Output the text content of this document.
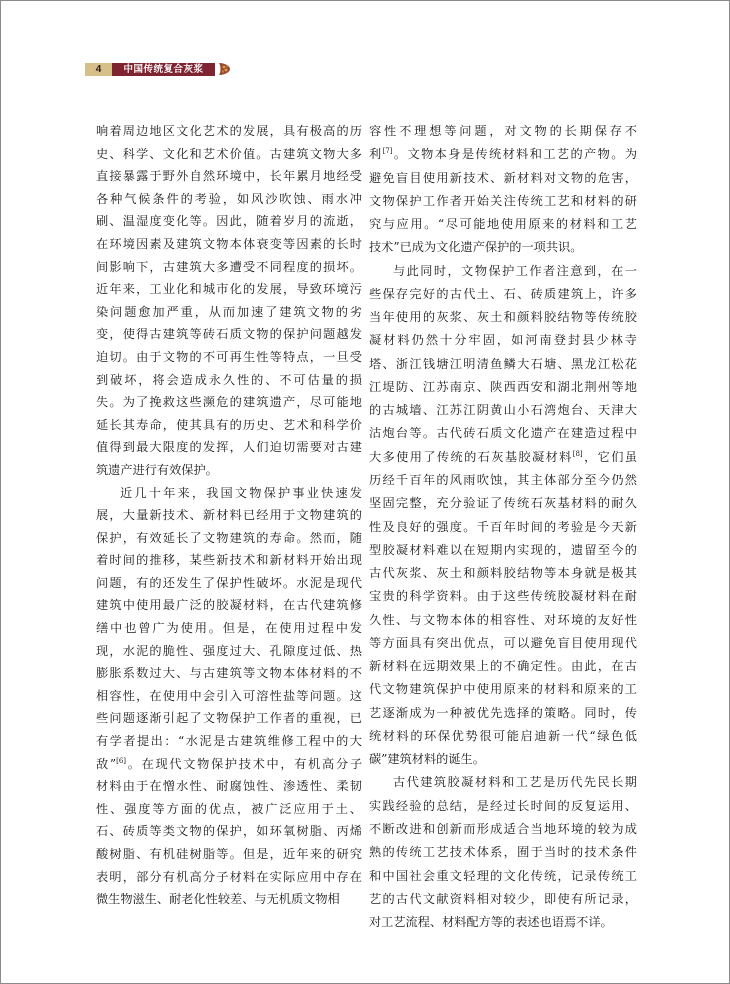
4	中国传统复合灰浆
响着周边地区文化艺术的发展，具有极高的历
史、科学、文化和艺术价值。古建筑文物大多
直接暴露于野外自然环境中，长年累月地经受
各种气候条件的考验，如风沙吹蚀、雨水冲
刷、温湿度变化等。因此，随着岁月的流逝，
在环境因素及建筑文物本体衰变等因素的长时
间影响下，古建筑大多遭受不同程度的损坏。
近年来，工业化和城市化的发展，导致环境污
染问题愈加严重，从而加速了建筑文物的劣
变，使得古建筑等砖石质文物的保护问题越发
迫切。由于文物的不可再生性等特点，一旦受
到破坏，将会造成永久性的、不可估量的损
失。为了挽救这些濒危的建筑遗产，尽可能地
延长其寿命，使其具有的历史、艺术和科学价
值得到最大限度的发挥，人们迫切需要对古建
筑遗产进行有效保护。
近几十年来，我国文物保护事业快速发
展，大量新技术、新材料已经用于文物建筑的
保护，有效延长了文物建筑的寿命。然而，随
着时间的推移，某些新技术和新材料开始出现
问题，有的还发生了保护性破坏。水泥是现代
建筑中使用最广泛的胶凝材料，在古代建筑修
缮中也曾广为使用。但是，在使用过程中发
现，水泥的脆性、强度过大、孔隙度过低、热
膨胀系数过大、与古建筑等文物本体材料的不
相容性，在使用中会引入可溶性盐等问题。这
些问题逐渐引起了文物保护工作者的重视，已
有学者提出：“水泥是古建筑维修工程中的大
敌”[6]。在现代文物保护技术中，有机高分子
材料由于在憎水性、耐腐蚀性、渗透性、柔韧
性、强度等方面的优点，被广泛应用于土、
石、砖质等类文物的保护，如环氧树脂、丙烯
酸树脂、有机硅树脂等。但是，近年来的研究
表明，部分有机高分子材料在实际应用中存在
微生物滋生、耐老化性较差、与无机质文物相
容性不理想等问题，对文物的长期保存不
利[7]。文物本身是传统材料和工艺的产物。为
避免盲目使用新技术、新材料对文物的危害，
文物保护工作者开始关注传统工艺和材料的研
究与应用。“尽可能地使用原来的材料和工艺
技术”已成为文化遗产保护的一项共识。
与此同时，文物保护工作者注意到，在一
些保存完好的古代土、石、砖质建筑上，许多
当年使用的灰浆、灰土和颜料胶结物等传统胶
凝材料仍然十分牢固，如河南登封县少林寺
塔、浙江钱塘江明清鱼鳞大石塘、黑龙江松花
江堤防、江苏南京、陕西西安和湖北荆州等地
的古城墙、江苏江阴黄山小石湾炮台、天津大
沽炮台等。古代砖石质文化遗产在建造过程中
大多使用了传统的石灰基胶凝材料[8]，它们虽
历经千百年的风雨吹蚀，其主体部分至今仍然
坚固完整，充分验证了传统石灰基材料的耐久
性及良好的强度。千百年时间的考验是今天新
型胶凝材料难以在短期内实现的，遗留至今的
古代灰浆、灰土和颜料胶结物等本身就是极其
宝贵的科学资料。由于这些传统胶凝材料在耐
久性、与文物本体的相容性、对环境的友好性
等方面具有突出优点，可以避免盲目使用现代
新材料在远期效果上的不确定性。由此，在古
代文物建筑保护中使用原来的材料和原来的工
艺逐渐成为一种被优先选择的策略。同时，传
统材料的环保优势很可能启迪新一代“绿色低
碳”建筑材料的诞生。
古代建筑胶凝材料和工艺是历代先民长期
实践经验的总结，是经过长时间的反复运用、
不断改进和创新而形成适合当地环境的较为成
熟的传统工艺技术体系，囿于当时的技术条件
和中国社会重文轻理的文化传统，记录传统工
艺的古代文献资料相对较少，即使有所记录，
对工艺流程、材料配方等的表述也语焉不详。
